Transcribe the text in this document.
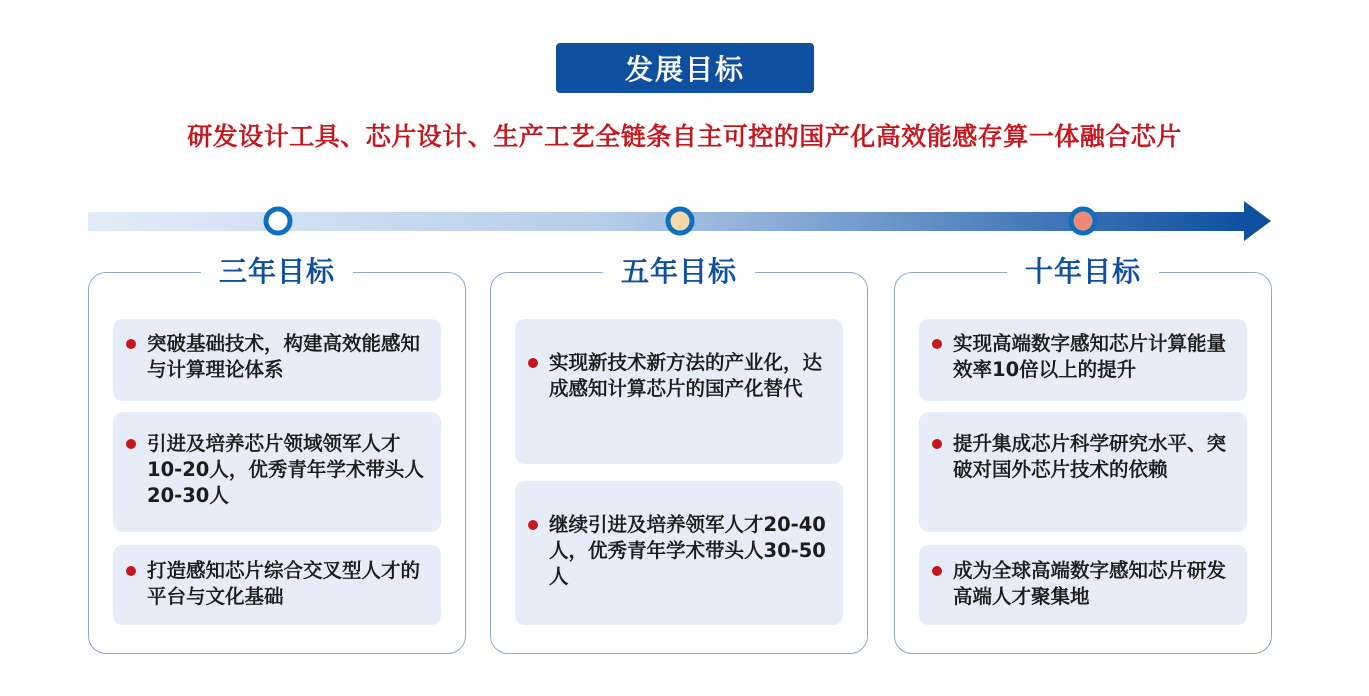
发展目标
研发设计工具、芯片设计、生产工艺全链条自主可控的国产化高效能感存算一体融合芯片
三年目标
突破基础技术，构建高效能感知与计算理论体系
引进及培养芯片领域领军人才10-20人，优秀青年学术带头人20-30人
打造感知芯片综合交叉型人才的平台与文化基础
五年目标
实现新技术新方法的产业化，达成感知计算芯片的国产化替代
继续引进及培养领军人才20-40人，优秀青年学术带头人30-50人
十年目标
实现高端数字感知芯片计算能量效率10倍以上的提升
提升集成芯片科学研究水平、突破对国外芯片技术的依赖
成为全球高端数字感知芯片研发高端人才聚集地
